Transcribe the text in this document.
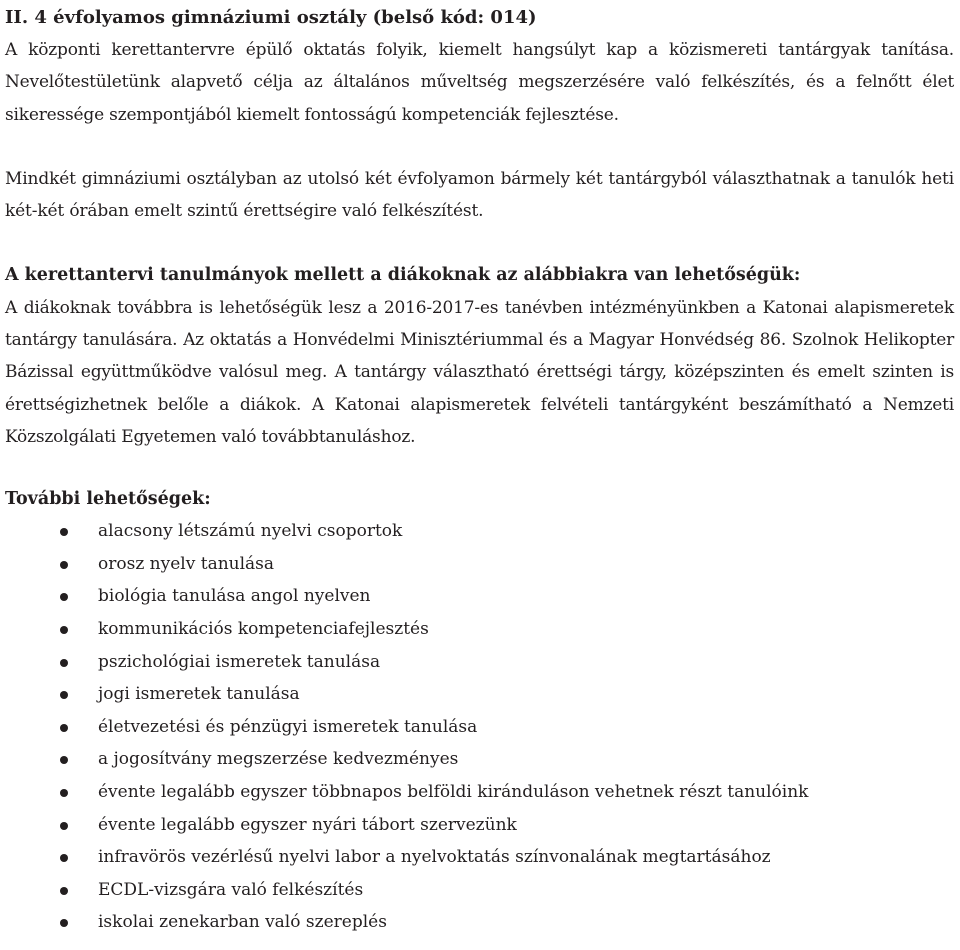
II. 4 évfolyamos gimnáziumi osztály (belső kód: 014)

A központi kerettantervre épülő oktatás folyik, kiemelt hangsúlyt kap a közismereti tantárgyak tanítása. Nevelőtestületünk alapvető célja az általános műveltség megszerzésére való felkészítés, és a felnőtt élet sikeressége szempontjából kiemelt fontosságú kompetenciák fejlesztése.

Mindkét gimnáziumi osztályban az utolsó két évfolyamon bármely két tantárgyból választhatnak a tanulók heti két-két órában emelt szintű érettségire való felkészítést.

A kerettantervi tanulmányok mellett a diákoknak az alábbiakra van lehetőségük:

A diákoknak továbbra is lehetőségük lesz a 2016-2017-es tanévben intézményünkben a Katonai alapismeretek tantárgy tanulására. Az oktatás a Honvédelmi Minisztériummal és a Magyar Honvédség 86. Szolnok Helikopter Bázissal együttműködve valósul meg. A tantárgy választható érettségi tárgy, középszinten és emelt szinten is érettségizhetnek belőle a diákok. A Katonai alapismeretek felvételi tantárgyként beszámítható a Nemzeti Közszolgálati Egyetemen való továbbtanuláshoz.

További lehetőségek:
alacsony létszámú nyelvi csoportok
orosz nyelv tanulása
biológia tanulása angol nyelven
kommunikációs kompetenciafejlesztés
pszichológiai ismeretek tanulása
jogi ismeretek tanulása
életvezetési és pénzügyi ismeretek tanulása
a jogosítvány megszerzése kedvezményes
évente legalább egyszer többnapos belföldi kiránduláson vehetnek részt tanulóink
évente legalább egyszer nyári tábort szervezünk
infravörös vezérlésű nyelvi labor a nyelvoktatás színvonalának megtartásához
ECDL-vizsgára való felkészítés
iskolai zenekarban való szereplés
